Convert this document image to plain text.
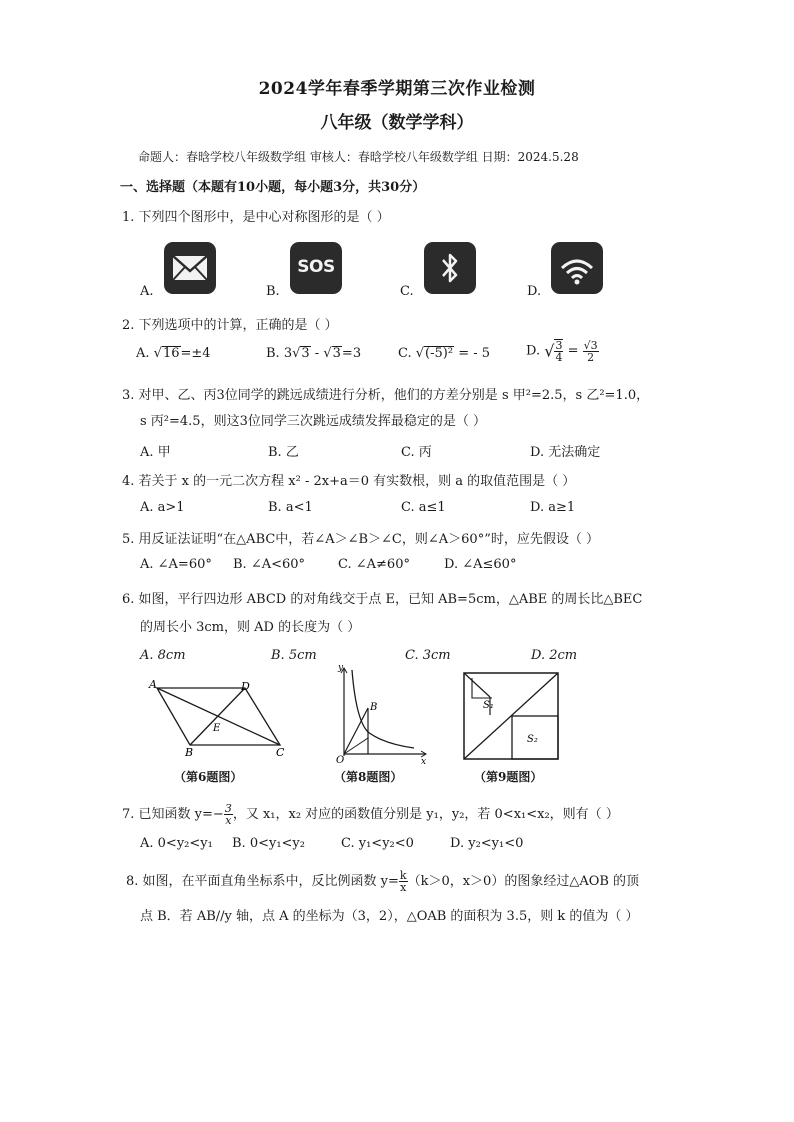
2024学年春季学期第三次作业检测
八年级（数学学科）
命题人：春晗学校八年级数学组 审核人：春晗学校八年级数学组 日期：2024.5.28
一、选择题（本题有10小题，每小题3分，共30分）
1. 下列四个图形中，是中心对称图形的是（ ）
A.	B.
SOS
C.	D.
2. 下列选项中的计算，正确的是（ ）
A. √16=±4	B. 3√3 - √3=3	C. √(-5)² = - 5	D. √ $\frac{3}{4} = \frac{√3}{2}$
3. 对甲、乙、丙3位同学的跳远成绩进行分析，他们的方差分别是 s 甲²=2.5，s 乙²=1.0，
s 丙²=4.5，则这3位同学三次跳远成绩发挥最稳定的是（ ）
A. 甲	B. 乙	C. 丙	D. 无法确定
4. 若关于 x 的一元二次方程 x² - 2x+a＝0 有实数根，则 a 的取值范围是（ ）
A. a>1	B. a<1	C. a≤1	D. a≥1
5. 用反证法证明“在△ABC中，若∠A＞∠B＞∠C，则∠A＞60°”时，应先假设（ ）
A. ∠A=60° B. ∠A<60°	C. ∠A≠60°	D. ∠A≤60°
6. 如图，平行四边形 ABCD 的对角线交于点 E，已知 AB=5cm，△ABE 的周长比△BEC
的周长小 3cm，则 AD 的长度为（ ）
A. 8cm	B. 5cm	C. 3cm	D. 2cm
A	D
B	C
E
（第6题图）
y
x
O
B
（第8题图）
S₁
S₂
（第9题图）
7. 已知函数 $y=- \frac{3}{x}$ ，又 x₁，x₂ 对应的函数值分别是 y₁，y₂，若 0<x₁<x₂，则有（ ）
A. 0<y₂<y₁ B. 0<y₁<y₂	C. y₁<y₂<0	D. y₂<y₁<0
8. 如图，在平面直角坐标系中，反比例函数 $y= \frac{k}{x} (k>0$，x＞0）的图象经过△AOB 的顶
点 B．若 AB//y 轴，点 A 的坐标为（3，2），△OAB 的面积为 3.5，则 k 的值为（ ）
